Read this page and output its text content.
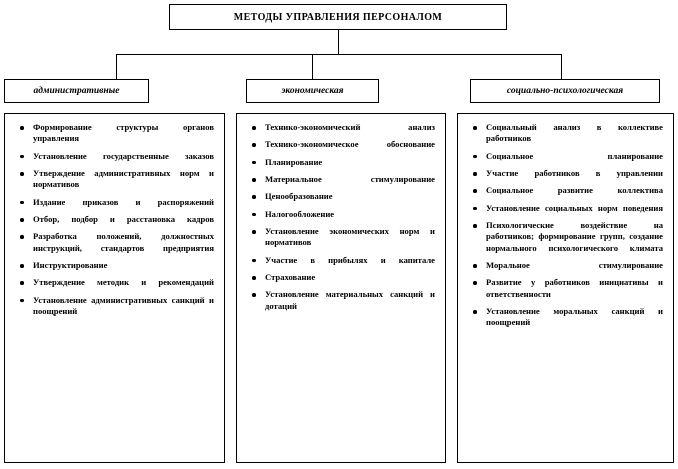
МЕТОДЫ УПРАВЛЕНИЯ ПЕРСОНАЛОМ
административные	экономическая	социально-психологическая
Формирование структуры органов управления
Установление государственные заказов
Утверждение административных норм и нормативов
Издание приказов и распоряжений
Отбор, подбор и расстановка кадров
Разработка положений, должностных инструкций, стандартов предприятия
Инструктирование
Утверждение методик и рекомендаций
Установление административных санкций и поощрений
Технико-экономический анализ
Технико-экономическое обоснование
Планирование
Материальное стимулирование
Ценообразование
Налогообложение
Установление экономических норм и нормативов
Участие в прибылях и капитале
Страхование
Установление материальных санкций и дотаций
Социальный анализ в коллективе работников
Социальное планирование
Участие работников в управлении
Социальное развитие коллектива
Установление социальных норм поведения
Психологические воздействие на работников; формирование групп, создание нормального психологического климата
Моральное стимулирование
Развитие у работников инициативы и ответственности
Установление моральных санкций и поощрений
